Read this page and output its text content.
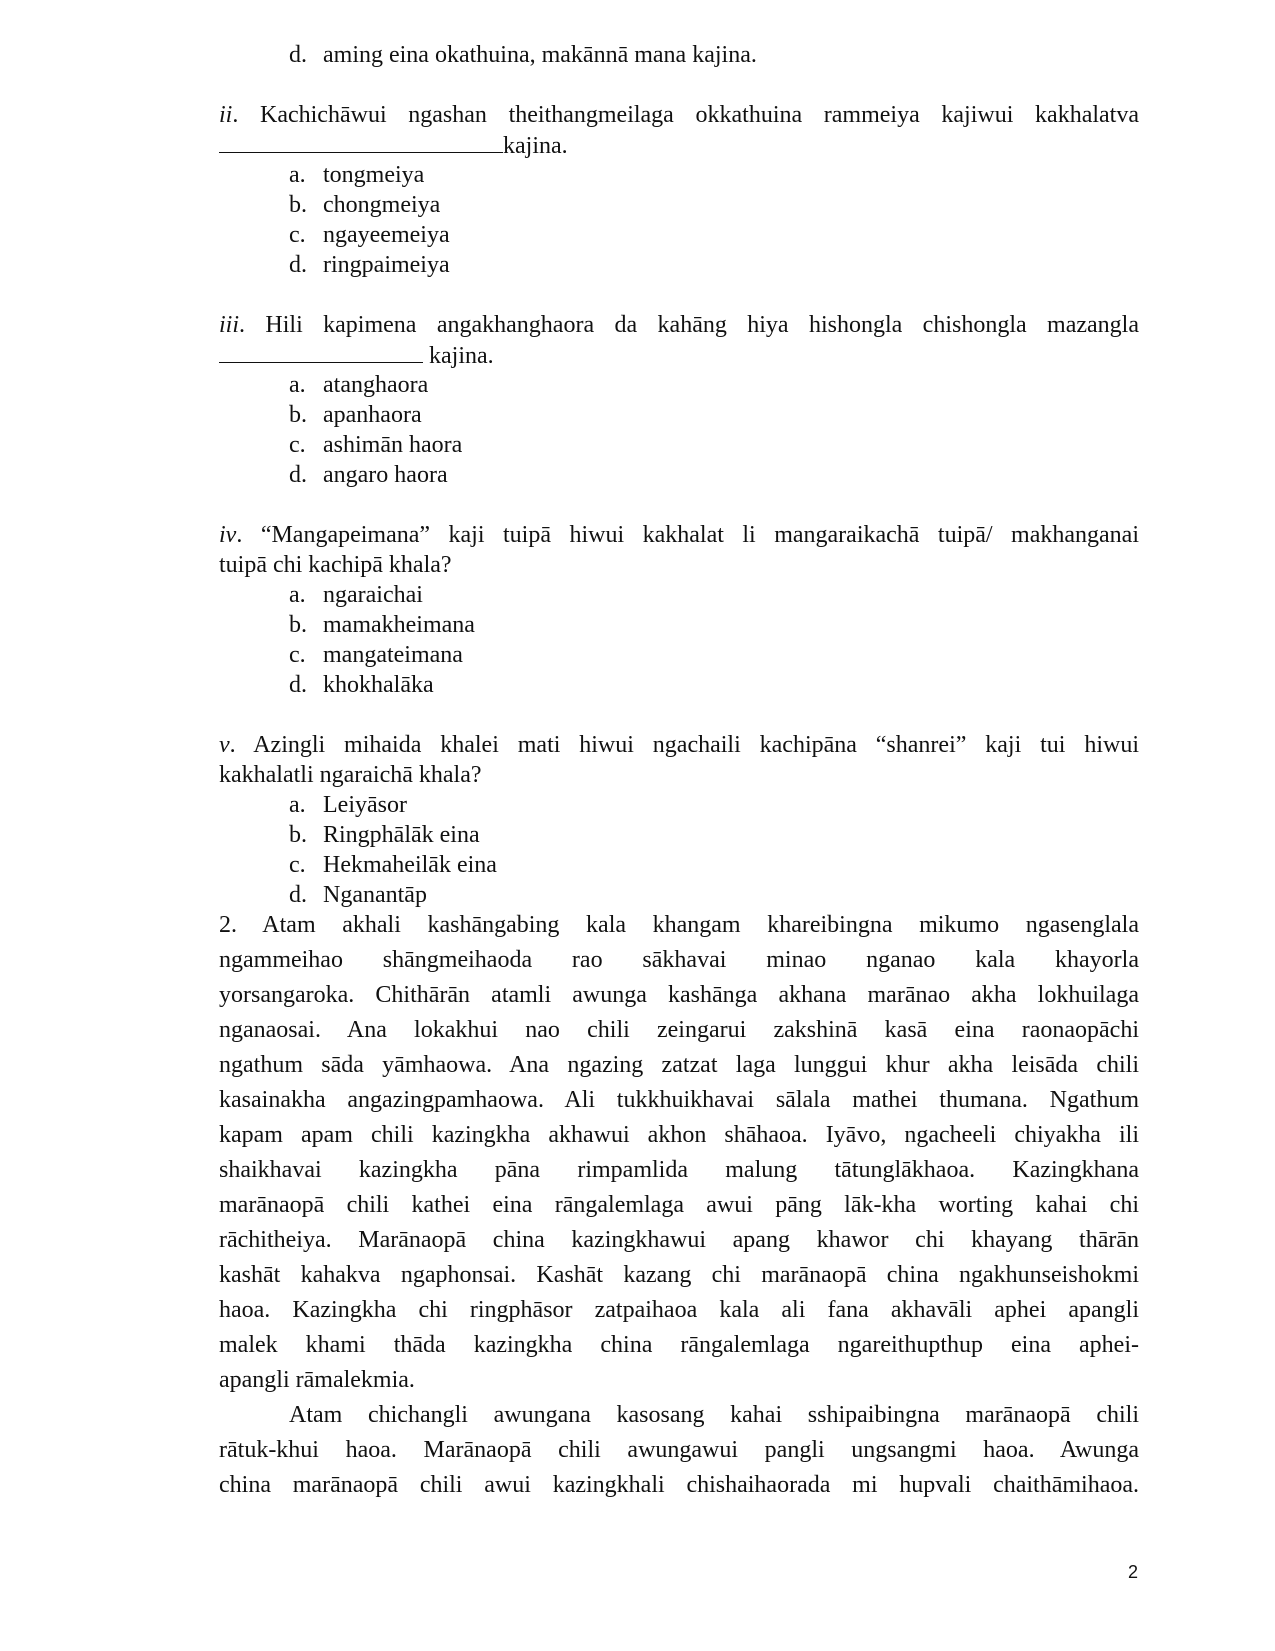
d. aming eina okathuina, makānnā mana kajina.
ii. Kachichāwui ngashan theithangmeilaga okkathuina rammeiya kajiwui kakhalatva
kajina.
a. tongmeiya
b. chongmeiya
c. ngayeemeiya
d. ringpaimeiya
iii. Hili kapimena angakhanghaora da kahāng hiya hishongla chishongla mazangla
kajina.
a. atanghaora
b. apanhaora
c. ashimān haora
d. angaro haora
iv. “Mangapeimana” kaji tuipā hiwui kakhalat li mangaraikachā tuipā/ makhanganai
tuipā chi kachipā khala?
a. ngaraichai
b. mamakheimana
c. mangateimana
d. khokhalāka
v. Azingli mihaida khalei mati hiwui ngachaili kachipāna “shanrei” kaji tui hiwui
kakhalatli ngaraichā khala?
a. Leiyāsor
b. Ringphālāk eina
c. Hekmaheilāk eina
d. Nganantāp
2. Atam akhali kashāngabing kala khangam khareibingna mikumo ngasenglala
ngammeihao shāngmeihaoda rao sākhavai minao nganao kala khayorla
yorsangaroka. Chithārān atamli awunga kashānga akhana marānao akha lokhuilaga
nganaosai. Ana lokakhui nao chili zeingarui zakshinā kasā eina raonaopāchi
ngathum sāda yāmhaowa. Ana ngazing zatzat laga lunggui khur akha leisāda chili
kasainakha angazingpamhaowa. Ali tukkhuikhavai sālala mathei thumana. Ngathum
kapam apam chili kazingkha akhawui akhon shāhaoa. Iyāvo, ngacheeli chiyakha ili
shaikhavai kazingkha pāna rimpamlida malung tātunglākhaoa. Kazingkhana
marānaopā chili kathei eina rāngalemlaga awui pāng lāk-kha worting kahai chi
rāchitheiya. Marānaopā china kazingkhawui apang khawor chi khayang thārān
kashāt kahakva ngaphonsai. Kashāt kazang chi marānaopā china ngakhunseishokmi
haoa. Kazingkha chi ringphāsor zatpaihaoa kala ali fana akhavāli aphei apangli
malek khami thāda kazingkha china rāngalemlaga ngareithupthup eina aphei-
apangli rāmalekmia.
Atam chichangli awungana kasosang kahai sshipaibingna marānaopā chili
rātuk-khui haoa. Marānaopā chili awungawui pangli ungsangmi haoa. Awunga
china marānaopā chili awui kazingkhali chishaihaorada mi hupvali chaithāmihaoa.
2
